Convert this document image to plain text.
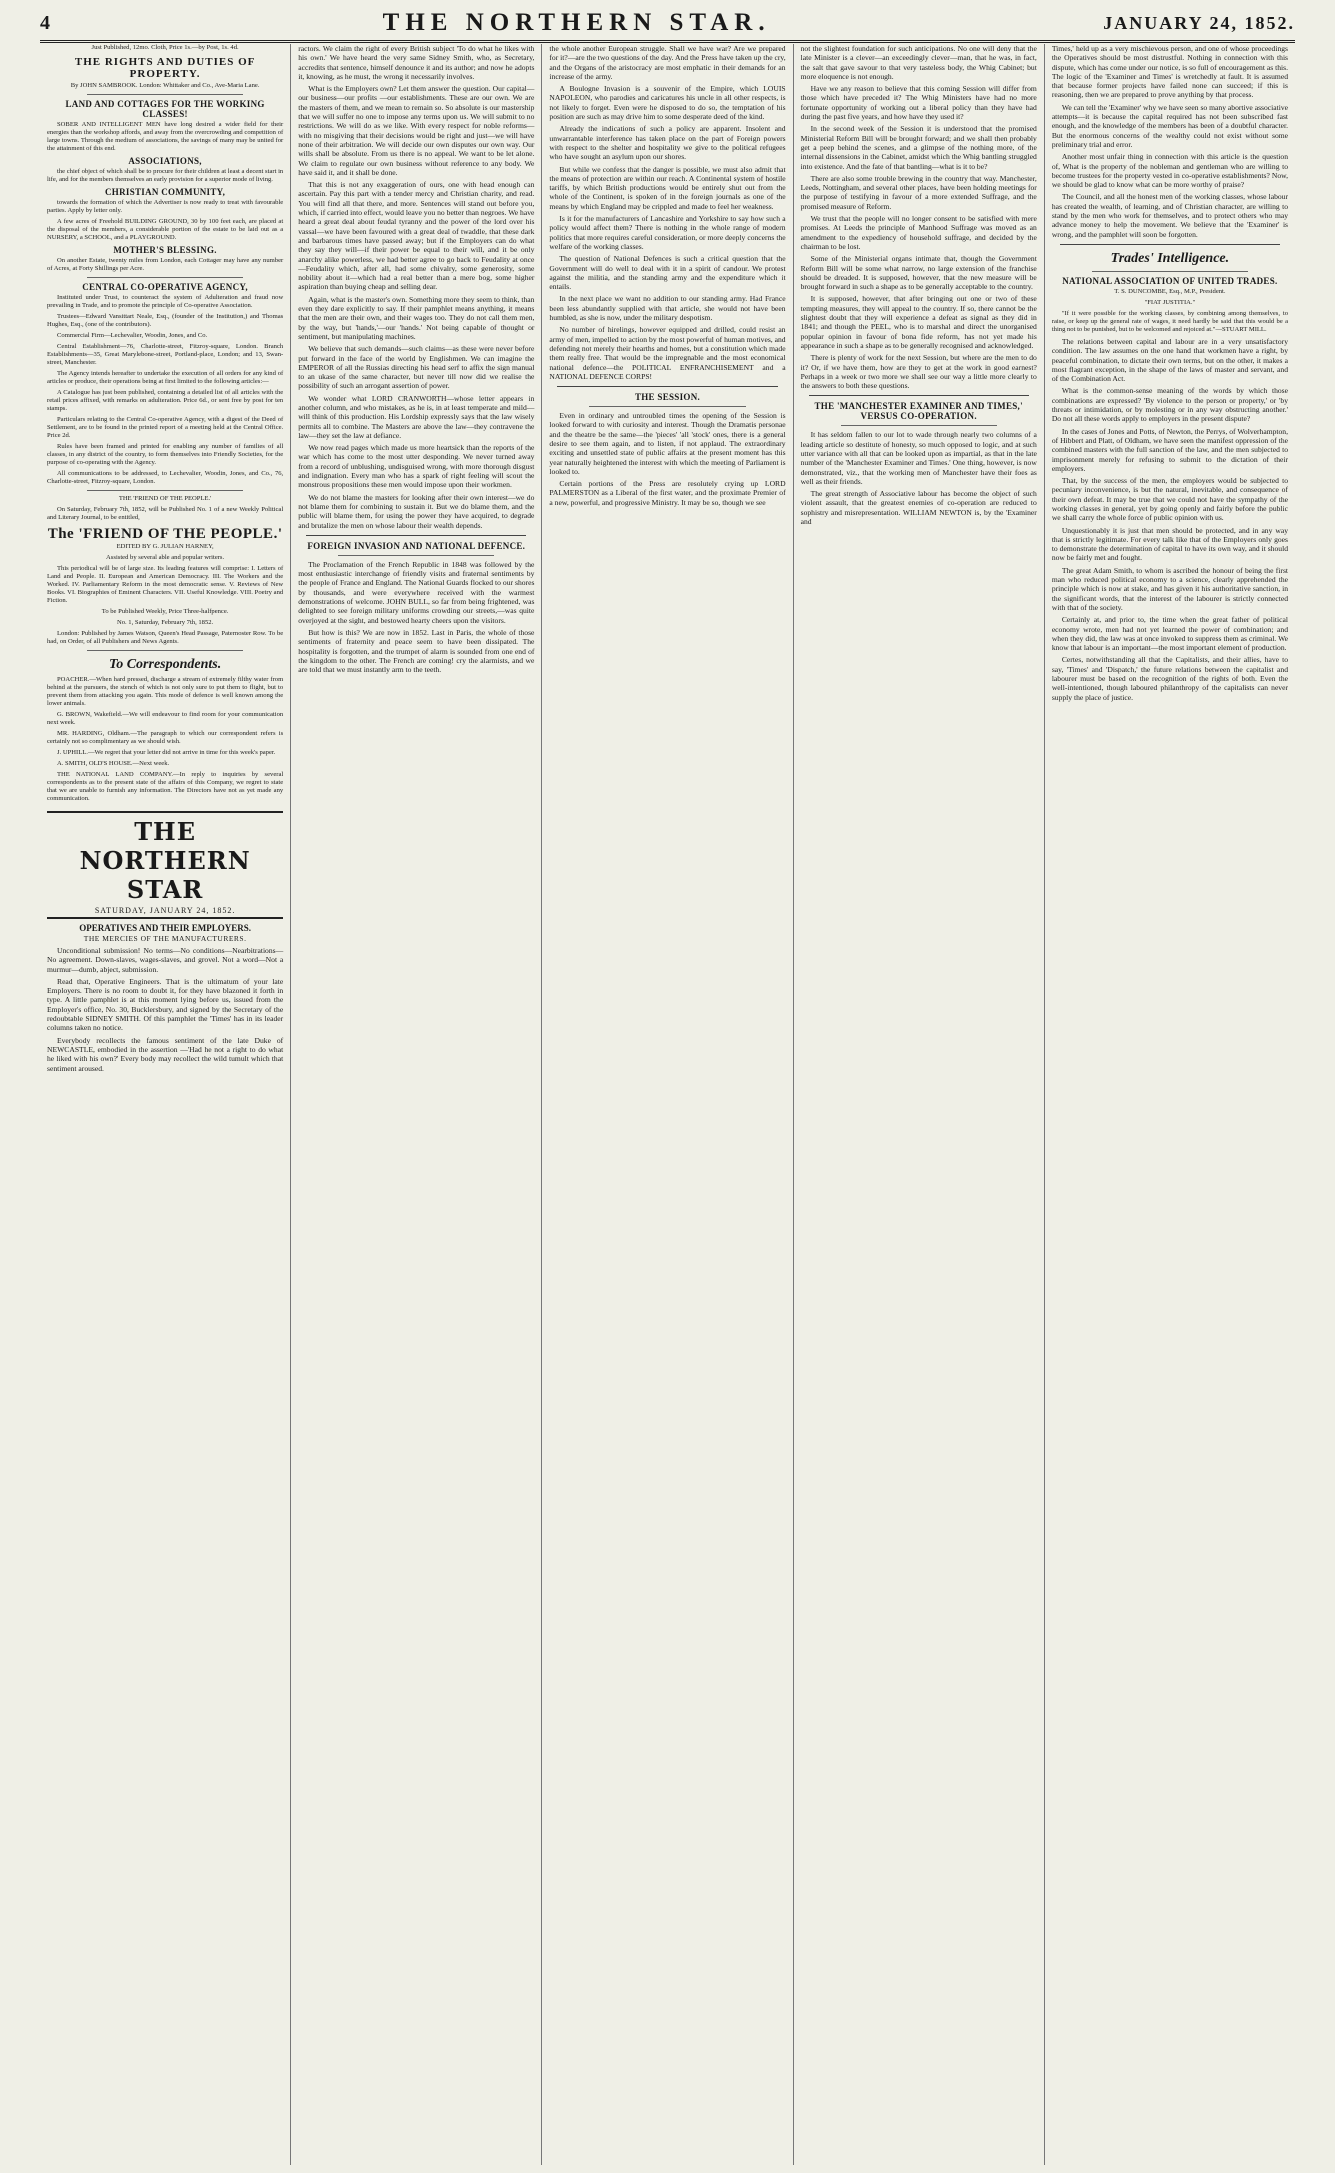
4	THE NORTHERN STAR.	JANUARY 24, 1852.

Just Published, 12mo. Cloth, Price 1s.—by Post, 1s. 4d.

THE RIGHTS AND DUTIES OF PROPERTY.

By JOHN SAMBROOK. London: Whittaker and Co., Ave-Maria Lane.

LAND AND COTTAGES FOR THE WORKING CLASSES!

SOBER AND INTELLIGENT MEN have long desired a wider field for their energies than the workshop affords, and away from the overcrowding and competition of large towns. Through the medium of associations, the savings of many may be united for the attainment of this end.

ASSOCIATIONS,

the chief object of which shall be to procure for their children at least a decent start in life, and for the members themselves an early provision for a superior mode of living.

CHRISTIAN COMMUNITY,

towards the formation of which the Advertiser is now ready to treat with favourable parties. Apply by letter only.

A few acres of Freehold BUILDING GROUND, 30 by 100 feet each, are placed at the disposal of the members, a considerable portion of the estate to be laid out as a NURSERY, a SCHOOL, and a PLAYGROUND.

MOTHER'S BLESSING.

On another Estate, twenty miles from London, each Cottager may have any number of Acres, at Forty Shillings per Acre.

CENTRAL CO-OPERATIVE AGENCY,

Instituted under Trust, to counteract the system of Adulteration and fraud now prevailing in Trade, and to promote the principle of Co-operative Association.

Trustees—Edward Vansittart Neale, Esq., (founder of the Institution,) and Thomas Hughes, Esq., (one of the contributors).

Commercial Firm—Lechevalier, Woodin, Jones, and Co.

Central Establishment—76, Charlotte-street, Fitzroy-square, London. Branch Establishments—35, Great Marylebone-street, Portland-place, London; and 13, Swan-street, Manchester.

The Agency intends hereafter to undertake the execution of all orders for any kind of articles or produce, their operations being at first limited to the following articles:—

A Catalogue has just been published, containing a detailed list of all articles with the retail prices affixed, with remarks on adulteration. Price 6d., or sent free by post for ten stamps.

Particulars relating to the Central Co-operative Agency, with a digest of the Deed of Settlement, are to be found in the printed report of a meeting held at the Central Office. Price 2d.

Rules have been framed and printed for enabling any number of families of all classes, in any district of the country, to form themselves into Friendly Societies, for the purpose of co-operating with the Agency.

All communications to be addressed, to Lechevalier, Woodin, Jones, and Co., 76, Charlotte-street, Fitzroy-square, London.

THE 'FRIEND OF THE PEOPLE.'

On Saturday, February 7th, 1852, will be Published No. 1 of a new Weekly Political and Literary Journal, to be entitled,

The 'FRIEND OF THE PEOPLE.'

EDITED BY G. JULIAN HARNEY,

Assisted by several able and popular writers.

This periodical will be of large size. Its leading features will comprise: I. Letters of Land and People. II. European and American Democracy. III. The Workers and the Worked. IV. Parliamentary Reform in the most democratic sense. V. Reviews of New Books. VI. Biographies of Eminent Characters. VII. Useful Knowledge. VIII. Poetry and Fiction.

To be Published Weekly, Price Three-halfpence.

No. 1, Saturday, February 7th, 1852.

London: Published by James Watson, Queen's Head Passage, Paternoster Row. To be had, on Order, of all Publishers and News Agents.

To Correspondents.

POACHER.—When hard pressed, discharge a stream of extremely filthy water from behind at the pursuers, the stench of which is not only sure to put them to flight, but to prevent them from attacking you again. This mode of defence is well known among the lower animals.

G. BROWN, Wakefield.—We will endeavour to find room for your communication next week.

MR. HARDING, Oldham.—The paragraph to which our correspondent refers is certainly not so complimentary as we should wish.

J. UPHILL.—We regret that your letter did not arrive in time for this week's paper.

A. SMITH, OLD'S HOUSE.—Next week.

THE NATIONAL LAND COMPANY.—In reply to inquiries by several correspondents as to the present state of the affairs of this Company, we regret to state that we are unable to furnish any information. The Directors have not as yet made any communication.

THE NORTHERN STAR
SATURDAY, JANUARY 24, 1852.
OPERATIVES AND THEIR EMPLOYERS.
THE MERCIES OF THE MANUFACTURERS.

Unconditional submission! No terms—No conditions—Nearbitrations—No agreement. Down-slaves, wages-slaves, and grovel. Not a word—Not a murmur—dumb, abject, submission.

Read that, Operative Engineers. That is the ultimatum of your late Employers. There is no room to doubt it, for they have blazoned it forth in type. A little pamphlet is at this moment lying before us, issued from the Employer's office, No. 30, Bucklersbury, and signed by the Secretary of the redoubtable SIDNEY SMITH. Of this pamphlet the 'Times' has in its leader columns taken no notice.

Everybody recollects the famous sentiment of the late Duke of NEWCASTLE, embodied in the assertion —'Had he not a right to do what he liked with his own?' Every body may recollect the wild tumult which that sentiment aroused.

ractors. We claim the right of every British subject 'To do what he likes with his own.' We have heard the very same Sidney Smith, who, as Secretary, accredits that sentence, himself denounce it and its author; and now he adopts it, knowing, as he must, the wrong it necessarily involves.

What is the Employers own? Let them answer the question. Our capital—our business—our profits —our establishments. These are our own. We are the masters of them, and we mean to remain so. So absolute is our mastership that we will suffer no one to impose any terms upon us. We will submit to no restrictions. We will do as we like. With every respect for noble reforms—with no misgiving that their decisions would be right and just—we will have none of their arbitration. We will decide our own disputes our own way. Our wills shall be absolute. From us there is no appeal. We want to be let alone. We claim to regulate our own business without reference to any body. We have said it, and it shall be done.

That this is not any exaggeration of ours, one with head enough can ascertain. Pay this part with a tender mercy and Christian charity, and read. You will find all that there, and more. Sentences will stand out before you, which, if carried into effect, would leave you no better than negroes. We have heard a great deal about feudal tyranny and the power of the lord over his vassal—we have been favoured with a great deal of twaddle, that these dark and barbarous times have passed away; but if the Employers can do what they say they will—if their power be equal to their will, and it be only anarchy alike powerless, we had better agree to go back to Feudality at once—Feudality which, after all, had some chivalry, some generosity, some nobility about it—which had a real better than a mere bog, some higher aspiration than buying cheap and selling dear.

Again, what is the master's own. Something more they seem to think, than even they dare explicitly to say. If their pamphlet means anything, it means that the men are their own, and their wages too. They do not call them men, by the way, but 'hands,'—our 'hands.' Not being capable of thought or sentiment, but manipulating machines.

We believe that such demands—such claims—as these were never before put forward in the face of the world by Englishmen. We can imagine the EMPEROR of all the Russias directing his head serf to affix the sign manual to an ukase of the same character, but never till now did we realise the possibility of such an arrogant assertion of power.

We wonder what LORD CRANWORTH—whose letter appears in another column, and who mistakes, as he is, in at least temperate and mild—will think of this production. His Lordship expressly says that the law wisely permits all to combine. The Masters are above the law—they contravene the law—they set the law at defiance.

We now read pages which made us more heartsick than the reports of the war which has come to the most utter desponding. We never turned away from a record of unblushing, undisguised wrong, with more thorough disgust and indignation. Every man who has a spark of right feeling will scout the monstrous propositions these men would impose upon their workmen.

We do not blame the masters for looking after their own interest—we do not blame them for combining to sustain it. But we do blame them, and the public will blame them, for using the power they have acquired, to degrade and brutalize the men on whose labour their wealth depends.

FOREIGN INVASION AND NATIONAL DEFENCE.

The Proclamation of the French Republic in 1848 was followed by the most enthusiastic interchange of friendly visits and fraternal sentiments by the people of France and England. The National Guards flocked to our shores by thousands, and were everywhere received with the warmest demonstrations of welcome. JOHN BULL, so far from being frightened, was delighted to see foreign military uniforms crowding our streets,—was quite overjoyed at the sight, and bestowed hearty cheers upon the visitors.

But how is this? We are now in 1852. Last in Paris, the whole of those sentiments of fraternity and peace seem to have been dissipated. The hospitality is forgotten, and the trumpet of alarm is sounded from one end of the kingdom to the other. The French are coming! cry the alarmists, and we are told that we must instantly arm to the teeth.

the whole another European struggle. Shall we have war? Are we prepared for it?—are the two questions of the day. And the Press have taken up the cry, and the Organs of the aristocracy are most emphatic in their demands for an increase of the army.

A Boulogne Invasion is a souvenir of the Empire, which LOUIS NAPOLEON, who parodies and caricatures his uncle in all other respects, is not likely to forget. Even were he disposed to do so, the temptation of his position are such as may drive him to some desperate deed of the kind.

Already the indications of such a policy are apparent. Insolent and unwarrantable interference has taken place on the part of Foreign powers with respect to the shelter and hospitality we give to the political refugees who have sought an asylum upon our shores.

But while we confess that the danger is possible, we must also admit that the means of protection are within our reach. A Continental system of hostile tariffs, by which British productions would be entirely shut out from the whole of the Continent, is spoken of in the foreign journals as one of the means by which England may be crippled and made to feel her weakness.

Is it for the manufacturers of Lancashire and Yorkshire to say how such a policy would affect them? There is nothing in the whole range of modern politics that more requires careful consideration, or more deeply concerns the welfare of the working classes.

The question of National Defences is such a critical question that the Government will do well to deal with it in a spirit of candour. We protest against the militia, and the standing army and the expenditure which it entails.

In the next place we want no addition to our standing army. Had France been less abundantly supplied with that article, she would not have been humbled, as she is now, under the military despotism.

No number of hirelings, however equipped and drilled, could resist an army of men, impelled to action by the most powerful of human motives, and defending not merely their hearths and homes, but a constitution which made them really free. That would be the impregnable and the most economical national defence—the POLITICAL ENFRANCHISEMENT and a NATIONAL DEFENCE CORPS!

THE SESSION.

Even in ordinary and untroubled times the opening of the Session is looked forward to with curiosity and interest. Though the Dramatis personae and the theatre be the same—the 'pieces' 'all 'stock' ones, there is a general desire to see them again, and to listen, if not applaud. The extraordinary exciting and unsettled state of public affairs at the present moment has this year naturally heightened the interest with which the meeting of Parliament is looked to.

Certain portions of the Press are resolutely crying up LORD PALMERSTON as a Liberal of the first water, and the proximate Premier of a new, powerful, and progressive Ministry. It may be so, though we see

not the slightest foundation for such anticipations. No one will deny that the late Minister is a clever—an exceedingly clever—man, that he was, in fact, the salt that gave savour to that very tasteless body, the Whig Cabinet; but more eloquence is not enough.

Have we any reason to believe that this coming Session will differ from those which have preceded it? The Whig Ministers have had no more fortunate opportunity of working out a liberal policy than they have had during the past five years, and how have they used it?

In the second week of the Session it is understood that the promised Ministerial Reform Bill will be brought forward; and we shall then probably get a peep behind the scenes, and a glimpse of the nothing more, of the internal dissensions in the Cabinet, amidst which the Whig bantling struggled into existence. And the fate of that bantling—what is it to be?

There are also some trouble brewing in the country that way. Manchester, Leeds, Nottingham, and several other places, have been holding meetings for the purpose of testifying in favour of a more extended Suffrage, and the promised measure of Reform.

We trust that the people will no longer consent to be satisfied with mere promises. At Leeds the principle of Manhood Suffrage was moved as an amendment to the expediency of household suffrage, and decided by the chairman to be lost.

Some of the Ministerial organs intimate that, though the Government Reform Bill will be some what narrow, no large extension of the franchise should be dreaded. It is supposed, however, that the new measure will be brought forward in such a shape as to be generally acceptable to the country.

It is supposed, however, that after bringing out one or two of these tempting measures, they will appeal to the country. If so, there cannot be the slightest doubt that they will experience a defeat as signal as they did in 1841; and though the PEEL, who is to marshal and direct the unorganised popular opinion in favour of bona fide reform, has not yet made his appearance in such a shape as to be generally recognised and acknowledged.

There is plenty of work for the next Session, but where are the men to do it? Or, if we have them, how are they to get at the work in good earnest? Perhaps in a week or two more we shall see our way a little more clearly to the answers to both these questions.

THE 'MANCHESTER EXAMINER AND TIMES,' VERSUS CO-OPERATION.

It has seldom fallen to our lot to wade through nearly two columns of a leading article so destitute of honesty, so much opposed to logic, and at such utter variance with all that can be looked upon as impartial, as that in the late number of the 'Manchester Examiner and Times.' One thing, however, is now demonstrated, viz., that the working men of Manchester have their foes as well as their friends.

The great strength of Associative labour has become the object of such violent assault, that the greatest enemies of co-operation are reduced to sophistry and misrepresentation. WILLIAM NEWTON is, by the 'Examiner and

Times,' held up as a very mischievous person, and one of whose proceedings the Operatives should be most distrustful. Nothing in connection with this dispute, which has come under our notice, is so full of encouragement as this. The logic of the 'Examiner and Times' is wretchedly at fault. It is assumed that because former projects have failed none can succeed; if this is reasoning, then we are prepared to prove anything by that process.

We can tell the 'Examiner' why we have seen so many abortive associative attempts—it is because the capital required has not been subscribed fast enough, and the knowledge of the members has been of a doubtful character. But the enormous concerns of the wealthy could not exist without some preliminary trial and error.

Another most unfair thing in connection with this article is the question of, What is the property of the nobleman and gentleman who are willing to become trustees for the property vested in co-operative establishments? Now, we should be glad to know what can be more worthy of praise?

The Council, and all the honest men of the working classes, whose labour has created the wealth, of learning, and of Christian character, are willing to stand by the men who work for themselves, and to protect others who may advance money to help the movement. We believe that the 'Examiner' is wrong, and the pamphlet will soon be forgotten.

Trades' Intelligence.
NATIONAL ASSOCIATION OF UNITED TRADES.

T. S. DUNCOMBE, Esq., M.P., President.

"FIAT JUSTITIA."

"If it were possible for the working classes, by combining among themselves, to raise, or keep up the general rate of wages, it need hardly be said that this would be a thing not to be punished, but to be welcomed and rejoiced at."—STUART MILL.

The relations between capital and labour are in a very unsatisfactory condition. The law assumes on the one hand that workmen have a right, by peaceful combination, to dictate their own terms, but on the other, it makes a most flagrant exception, in the shape of the laws of master and servant, and of the Combination Act.

What is the common-sense meaning of the words by which those combinations are expressed? 'By violence to the person or property,' or 'by threats or intimidation, or by molesting or in any way obstructing another.' Do not all these words apply to employers in the present dispute?

In the cases of Jones and Potts, of Newton, the Perrys, of Wolverhampton, of Hibbert and Platt, of Oldham, we have seen the manifest oppression of the combined masters with the full sanction of the law, and the men subjected to imprisonment merely for refusing to submit to the dictation of their employers.

That, by the success of the men, the employers would be subjected to pecuniary inconvenience, is but the natural, inevitable, and consequence of their own defeat. It may be true that we could not have the sympathy of the working classes in general, yet by going openly and fairly before the public we shall carry the whole force of public opinion with us.

Unquestionably it is just that men should be protected, and in any way that is strictly legitimate. For every talk like that of the Employers only goes to demonstrate the determination of capital to have its own way, and it should now be fairly met and fought.

The great Adam Smith, to whom is ascribed the honour of being the first man who reduced political economy to a science, clearly apprehended the principle which is now at stake, and has given it his authoritative sanction, in the significant words, that the interest of the labourer is strictly connected with that of the society.

Certainly at, and prior to, the time when the great father of political economy wrote, men had not yet learned the power of combination; and when they did, the law was at once invoked to suppress them as criminal. We know that labour is an important—the most important element of production.

Certes, notwithstanding all that the Capitalists, and their allies, have to say, 'Times' and 'Dispatch,' the future relations between the capitalist and labourer must be based on the recognition of the rights of both. Even the well-intentioned, though laboured philanthropy of the capitalists can never supply the place of justice.
